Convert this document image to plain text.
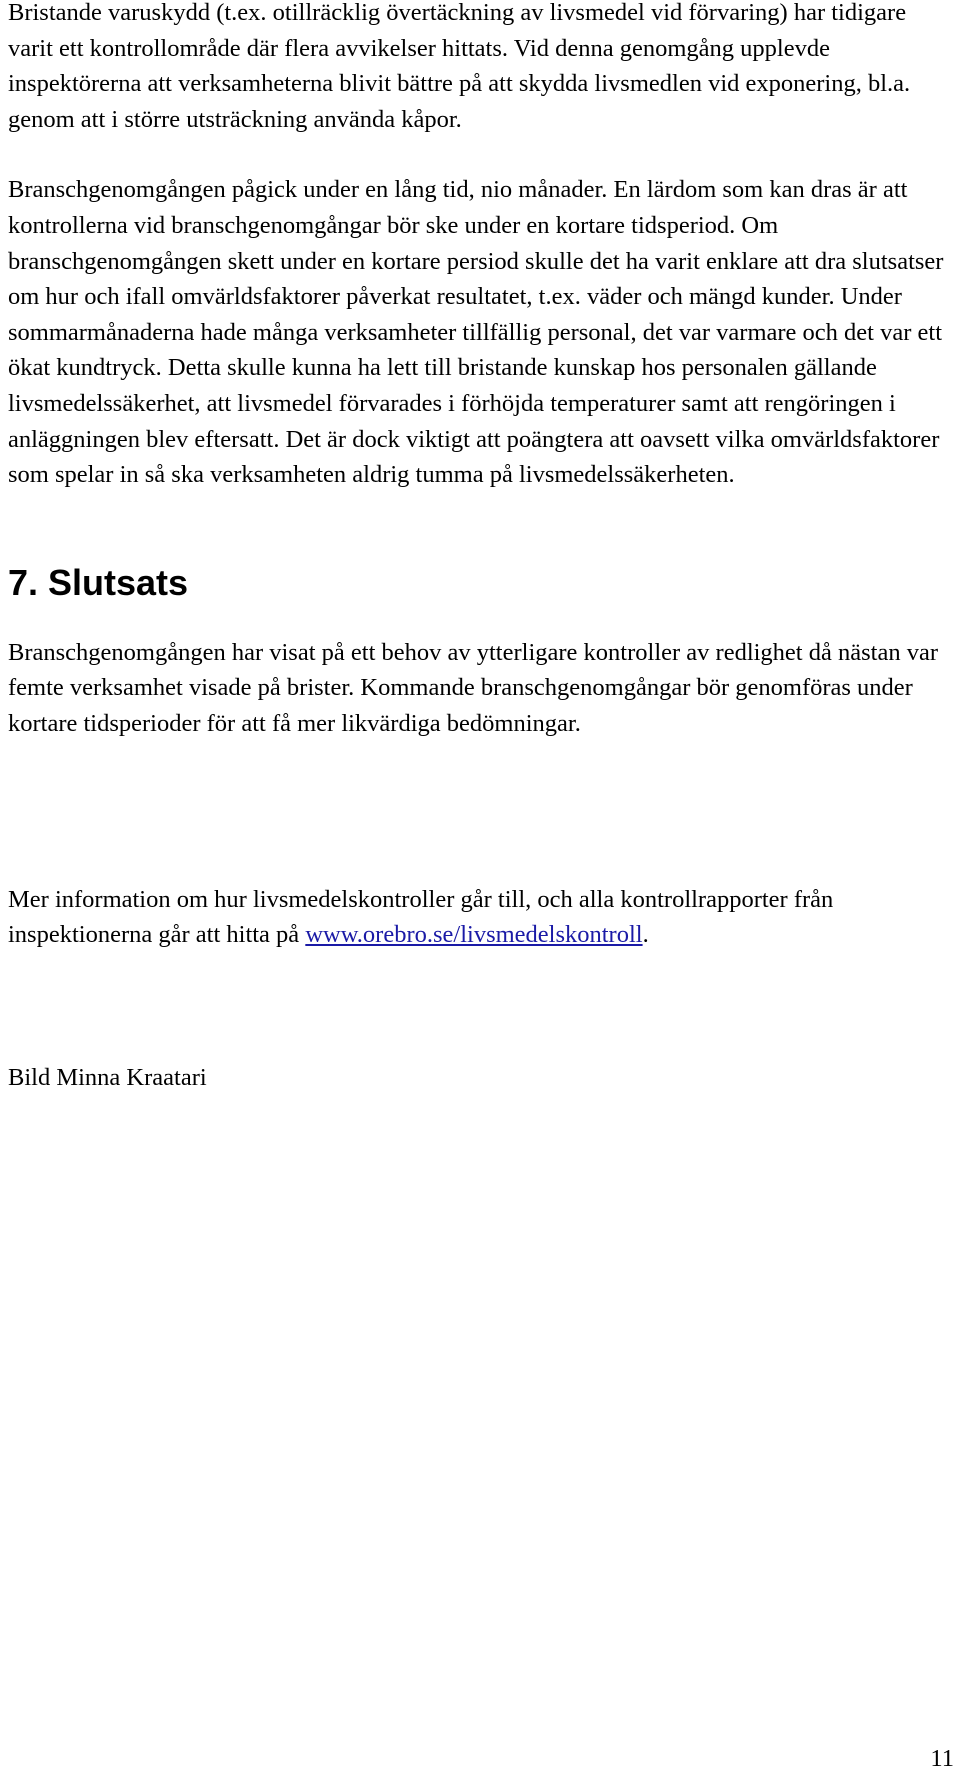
Bristande varuskydd (t.ex. otillräcklig övertäckning av livsmedel vid förvaring) har tidigare varit ett kontrollområde där flera avvikelser hittats. Vid denna genomgång upplevde inspektörerna att verksamheterna blivit bättre på att skydda livsmedlen vid exponering, bl.a. genom att i större utsträckning använda kåpor.

Branschgenomgången pågick under en lång tid, nio månader. En lärdom som kan dras är att kontrollerna vid branschgenomgångar bör ske under en kortare tidsperiod. Om branschgenomgången skett under en kortare persiod skulle det ha varit enklare att dra slutsatser om hur och ifall omvärldsfaktorer påverkat resultatet, t.ex. väder och mängd kunder. Under sommarmånaderna hade många verksamheter tillfällig personal, det var varmare och det var ett ökat kundtryck. Detta skulle kunna ha lett till bristande kunskap hos personalen gällande livsmedelssäkerhet, att livsmedel förvarades i förhöjda temperaturer samt att rengöringen i anläggningen blev eftersatt. Det är dock viktigt att poängtera att oavsett vilka omvärldsfaktorer som spelar in så ska verksamheten aldrig tumma på livsmedelssäkerheten.

7. Slutsats

Branschgenomgången har visat på ett behov av ytterligare kontroller av redlighet då nästan var femte verksamhet visade på brister. Kommande branschgenomgångar bör genomföras under kortare tidsperioder för att få mer likvärdiga bedömningar.

Mer information om hur livsmedelskontroller går till, och alla kontrollrapporter från inspektionerna går att hitta på www.orebro.se/livsmedelskontroll.

Bild Minna Kraatari

11
